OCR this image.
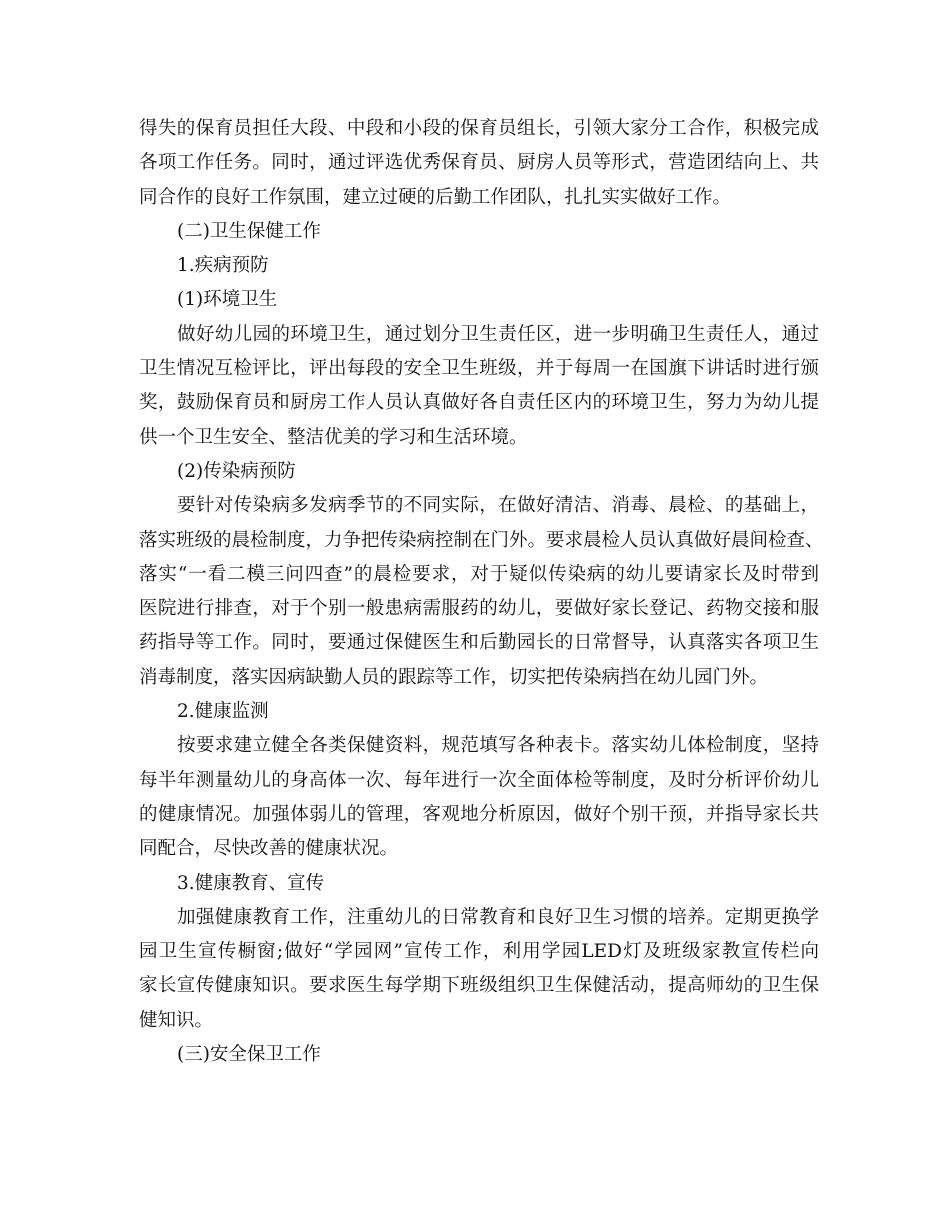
得失的保育员担任大段、中段和小段的保育员组长，引领大家分工合作，积极完成
各项工作任务。同时，通过评选优秀保育员、厨房人员等形式，营造团结向上、共
同合作的良好工作氛围，建立过硬的后勤工作团队，扎扎实实做好工作。
(二)卫生保健工作
1.疾病预防
(1)环境卫生
做好幼儿园的环境卫生，通过划分卫生责任区，进一步明确卫生责任人，通过
卫生情况互检评比，评出每段的安全卫生班级，并于每周一在国旗下讲话时进行颁
奖，鼓励保育员和厨房工作人员认真做好各自责任区内的环境卫生，努力为幼儿提
供一个卫生安全、整洁优美的学习和生活环境。
(2)传染病预防
要针对传染病多发病季节的不同实际，在做好清洁、消毒、晨检、的基础上，
落实班级的晨检制度，力争把传染病控制在门外。要求晨检人员认真做好晨间检查、
落实“一看二模三问四查”的晨检要求，对于疑似传染病的幼儿要请家长及时带到
医院进行排查，对于个别一般患病需服药的幼儿，要做好家长登记、药物交接和服
药指导等工作。同时，要通过保健医生和后勤园长的日常督导，认真落实各项卫生
消毒制度，落实因病缺勤人员的跟踪等工作，切实把传染病挡在幼儿园门外。
2.健康监测
按要求建立健全各类保健资料，规范填写各种表卡。落实幼儿体检制度，坚持
每半年测量幼儿的身高体一次、每年进行一次全面体检等制度，及时分析评价幼儿
的健康情况。加强体弱儿的管理，客观地分析原因，做好个别干预，并指导家长共
同配合，尽快改善的健康状况。
3.健康教育、宣传
加强健康教育工作，注重幼儿的日常教育和良好卫生习惯的培养。定期更换学
园卫生宣传橱窗;做好“学园网”宣传工作，利用学园LED灯及班级家教宣传栏向
家长宣传健康知识。要求医生每学期下班级组织卫生保健活动，提高师幼的卫生保
健知识。
(三)安全保卫工作
